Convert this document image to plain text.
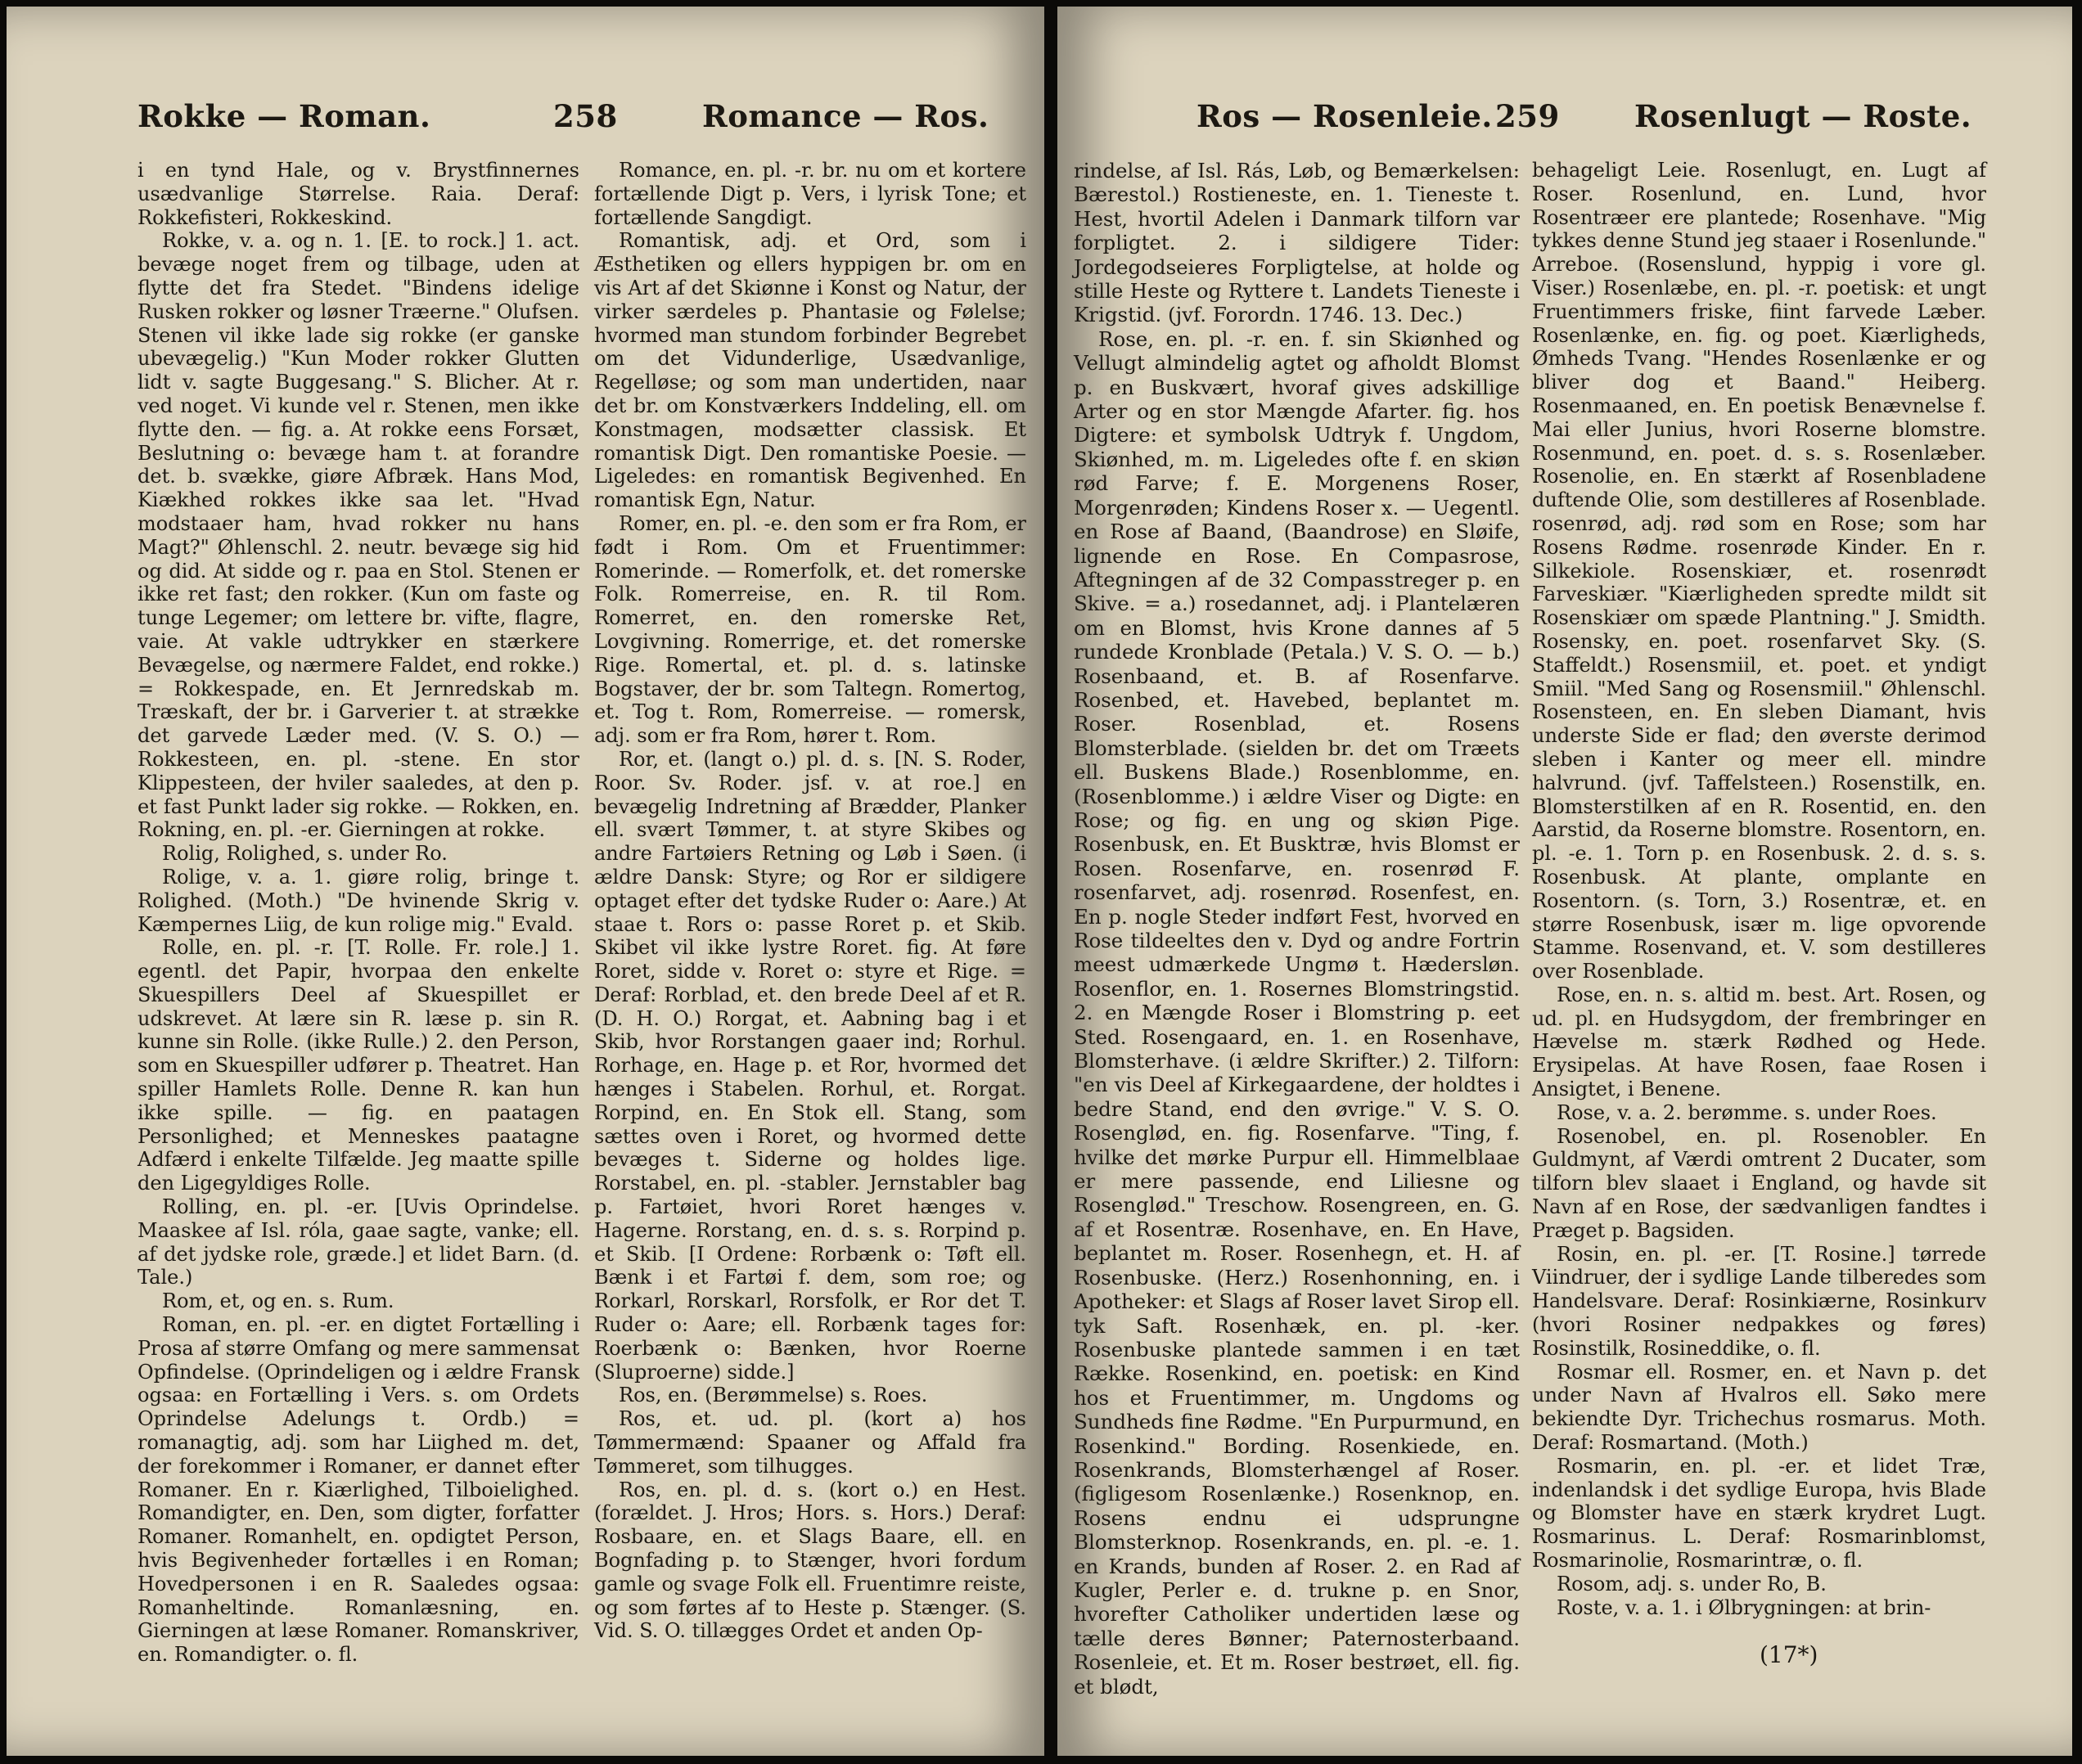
Rokke — Roman.	258	Romance — Ros.

i en tynd Hale, og v. Brystfinnernes usædvanlige Størrelse. Raia. Deraf: Rokkefisteri, Rokkeskind.

Rokke, v. a. og n. 1. [E. to rock.] 1. act. bevæge noget frem og tilbage, uden at flytte det fra Stedet. "Bindens idelige Rusken rokker og løsner Træerne." Olufsen. Stenen vil ikke lade sig rokke (er ganske ubevægelig.) "Kun Moder rokker Glutten lidt v. sagte Buggesang." S. Blicher. At r. ved noget. Vi kunde vel r. Stenen, men ikke flytte den. — fig. a. At rokke eens Forsæt, Beslutning o: bevæge ham t. at forandre det. b. svække, giøre Afbræk. Hans Mod, Kiækhed rokkes ikke saa let. "Hvad modstaaer ham, hvad rokker nu hans Magt?" Øhlenschl. 2. neutr. bevæge sig hid og did. At sidde og r. paa en Stol. Stenen er ikke ret fast; den rokker. (Kun om faste og tunge Legemer; om lettere br. vifte, flagre, vaie. At vakle udtrykker en stærkere Bevægelse, og nærmere Faldet, end rokke.) = Rokkespade, en. Et Jernredskab m. Træskaft, der br. i Garverier t. at strække det garvede Læder med. (V. S. O.) — Rokkesteen, en. pl. -stene. En stor Klippesteen, der hviler saaledes, at den p. et fast Punkt lader sig rokke. — Rokken, en. Rokning, en. pl. -er. Gierningen at rokke.

Rolig, Rolighed, s. under Ro.

Rolige, v. a. 1. giøre rolig, bringe t. Rolighed. (Moth.) "De hvinende Skrig v. Kæmpernes Liig, de kun rolige mig." Evald.

Rolle, en. pl. -r. [T. Rolle. Fr. role.] 1. egentl. det Papir, hvorpaa den enkelte Skuespillers Deel af Skuespillet er udskrevet. At lære sin R. læse p. sin R. kunne sin Rolle. (ikke Rulle.) 2. den Person, som en Skuespiller udfører p. Theatret. Han spiller Hamlets Rolle. Denne R. kan hun ikke spille. — fig. en paatagen Personlighed; et Menneskes paatagne Adfærd i enkelte Tilfælde. Jeg maatte spille den Ligegyldiges Rolle.

Rolling, en. pl. -er. [Uvis Oprindelse. Maaskee af Isl. róla, gaae sagte, vanke; ell. af det jydske role, græde.] et lidet Barn. (d. Tale.)

Rom, et, og en. s. Rum.

Roman, en. pl. -er. en digtet Fortælling i Prosa af større Omfang og mere sammensat Opfindelse. (Oprindeligen og i ældre Fransk ogsaa: en Fortælling i Vers. s. om Ordets Oprindelse Adelungs t. Ordb.) = romanagtig, adj. som har Liighed m. det, der forekommer i Romaner, er dannet efter Romaner. En r. Kiærlighed, Tilboielighed. Romandigter, en. Den, som digter, forfatter Romaner. Romanhelt, en. opdigtet Person, hvis Begivenheder fortælles i en Roman; Hovedpersonen i en R. Saaledes ogsaa: Romanheltinde. Romanlæsning, en. Gierningen at læse Romaner. Romanskriver, en. Romandigter. o. fl.

Romance, en. pl. -r. br. nu om et kortere fortællende Digt p. Vers, i lyrisk Tone; et fortællende Sangdigt.

Romantisk, adj. et Ord, som i Æsthetiken og ellers hyppigen br. om en vis Art af det Skiønne i Konst og Natur, der virker særdeles p. Phantasie og Følelse; hvormed man stundom forbinder Begrebet om det Vidunderlige, Usædvanlige, Regelløse; og som man undertiden, naar det br. om Konstværkers Inddeling, ell. om Konstmagen, modsætter classisk. Et romantisk Digt. Den romantiske Poesie. — Ligeledes: en romantisk Begivenhed. En romantisk Egn, Natur.

Romer, en. pl. -e. den som er fra Rom, er født i Rom. Om et Fruentimmer: Romerinde. — Romerfolk, et. det romerske Folk. Romerreise, en. R. til Rom. Romerret, en. den romerske Ret, Lovgivning. Romerrige, et. det romerske Rige. Romertal, et. pl. d. s. latinske Bogstaver, der br. som Taltegn. Romertog, et. Tog t. Rom, Romerreise. — romersk, adj. som er fra Rom, hører t. Rom.

Ror, et. (langt o.) pl. d. s. [N. S. Roder, Roor. Sv. Roder. jsf. v. at roe.] en bevægelig Indretning af Brædder, Planker ell. svært Tømmer, t. at styre Skibes og andre Fartøiers Retning og Løb i Søen. (i ældre Dansk: Styre; og Ror er sildigere optaget efter det tydske Ruder o: Aare.) At staae t. Rors o: passe Roret p. et Skib. Skibet vil ikke lystre Roret. fig. At føre Roret, sidde v. Roret o: styre et Rige. = Deraf: Rorblad, et. den brede Deel af et R. (D. H. O.) Rorgat, et. Aabning bag i et Skib, hvor Rorstangen gaaer ind; Rorhul. Rorhage, en. Hage p. et Ror, hvormed det hænges i Stabelen. Rorhul, et. Rorgat. Rorpind, en. En Stok ell. Stang, som sættes oven i Roret, og hvormed dette bevæges t. Siderne og holdes lige. Rorstabel, en. pl. -stabler. Jernstabler bag p. Fartøiet, hvori Roret hænges v. Hagerne. Rorstang, en. d. s. s. Rorpind p. et Skib. [I Ordene: Rorbænk o: Tøft ell. Bænk i et Fartøi f. dem, som roe; og Rorkarl, Rorskarl, Rorsfolk, er Ror det T. Ruder o: Aare; ell. Rorbænk tages for: Roerbænk o: Bænken, hvor Roerne (Sluproerne) sidde.]

Ros, en. (Berømmelse) s. Roes.

Ros, et. ud. pl. (kort a) hos Tømmermænd: Spaaner og Affald fra Tømmeret, som tilhugges.

Ros, en. pl. d. s. (kort o.) en Hest. (forældet. J. Hros; Hors. s. Hors.) Deraf: Rosbaare, en. et Slags Baare, ell. en Bognfading p. to Stænger, hvori fordum gamle og svage Folk ell. Fruentimre reiste, og som førtes af to Heste p. Stænger. (S. Vid. S. O. tillægges Ordet et anden Op-

Ros — Rosenleie. 259 Rosenlugt — Roste.

rindelse, af Isl. Rás, Løb, og Bemærkelsen: Bærestol.) Rostieneste, en. 1. Tieneste t. Hest, hvortil Adelen i Danmark tilforn var forpligtet. 2. i sildigere Tider: Jordegodseieres Forpligtelse, at holde og stille Heste og Ryttere t. Landets Tieneste i Krigstid. (jvf. Forordn. 1746. 13. Dec.)

Rose, en. pl. -r. en. f. sin Skiønhed og Vellugt almindelig agtet og afholdt Blomst p. en Buskvært, hvoraf gives adskillige Arter og en stor Mængde Afarter. fig. hos Digtere: et symbolsk Udtryk f. Ungdom, Skiønhed, m. m. Ligeledes ofte f. en skiøn rød Farve; f. E. Morgenens Roser, Morgenrøden; Kindens Roser x. — Uegentl. en Rose af Baand, (Baandrose) en Sløife, lignende en Rose. En Compasrose, Aftegningen af de 32 Compasstreger p. en Skive. = a.) rosedannet, adj. i Plantelæren om en Blomst, hvis Krone dannes af 5 rundede Kronblade (Petala.) V. S. O. — b.) Rosenbaand, et. B. af Rosenfarve. Rosenbed, et. Havebed, beplantet m. Roser. Rosenblad, et. Rosens Blomsterblade. (sielden br. det om Træets ell. Buskens Blade.) Rosenblomme, en. (Rosenblomme.) i ældre Viser og Digte: en Rose; og fig. en ung og skiøn Pige. Rosenbusk, en. Et Busktræ, hvis Blomst er Rosen. Rosenfarve, en. rosenrød F. rosenfarvet, adj. rosenrød. Rosenfest, en. En p. nogle Steder indført Fest, hvorved en Rose tildeeltes den v. Dyd og andre Fortrin meest udmærkede Ungmø t. Hædersløn. Rosenflor, en. 1. Rosernes Blomstringstid. 2. en Mængde Roser i Blomstring p. eet Sted. Rosengaard, en. 1. en Rosenhave, Blomsterhave. (i ældre Skrifter.) 2. Tilforn: "en vis Deel af Kirkegaardene, der holdtes i bedre Stand, end den øvrige." V. S. O. Rosenglød, en. fig. Rosenfarve. "Ting, f. hvilke det mørke Purpur ell. Himmelblaae er mere passende, end Liliesne og Rosenglød." Treschow. Rosengreen, en. G. af et Rosentræ. Rosenhave, en. En Have, beplantet m. Roser. Rosenhegn, et. H. af Rosenbuske. (Herz.) Rosenhonning, en. i Apotheker: et Slags af Roser lavet Sirop ell. tyk Saft. Rosenhæk, en. pl. -ker. Rosenbuske plantede sammen i en tæt Række. Rosenkind, en. poetisk: en Kind hos et Fruentimmer, m. Ungdoms og Sundheds fine Rødme. "En Purpurmund, en Rosenkind." Bording. Rosenkiede, en. Rosenkrands, Blomsterhængel af Roser. (figligesom Rosenlænke.) Rosenknop, en. Rosens endnu ei udsprungne Blomsterknop. Rosenkrands, en. pl. -e. 1. en Krands, bunden af Roser. 2. en Rad af Kugler, Perler e. d. trukne p. en Snor, hvorefter Catholiker undertiden læse og tælle deres Bønner; Paternosterbaand. Rosenleie, et. Et m. Roser bestrøet, ell. fig. et blødt,

behageligt Leie. Rosenlugt, en. Lugt af Roser. Rosenlund, en. Lund, hvor Rosentræer ere plantede; Rosenhave. "Mig tykkes denne Stund jeg staaer i Rosenlunde." Arreboe. (Rosenslund, hyppig i vore gl. Viser.) Rosenlæbe, en. pl. -r. poetisk: et ungt Fruentimmers friske, fiint farvede Læber. Rosenlænke, en. fig. og poet. Kiærligheds, Ømheds Tvang. "Hendes Rosenlænke er og bliver dog et Baand." Heiberg. Rosenmaaned, en. En poetisk Benævnelse f. Mai eller Junius, hvori Roserne blomstre. Rosenmund, en. poet. d. s. s. Rosenlæber. Rosenolie, en. En stærkt af Rosenbladene duftende Olie, som destilleres af Rosenblade. rosenrød, adj. rød som en Rose; som har Rosens Rødme. rosenrøde Kinder. En r. Silkekiole. Rosenskiær, et. rosenrødt Farveskiær. "Kiærligheden spredte mildt sit Rosenskiær om spæde Plantning." J. Smidth. Rosensky, en. poet. rosenfarvet Sky. (S. Staffeldt.) Rosensmiil, et. poet. et yndigt Smiil. "Med Sang og Rosensmiil." Øhlenschl. Rosensteen, en. En sleben Diamant, hvis underste Side er flad; den øverste derimod sleben i Kanter og meer ell. mindre halvrund. (jvf. Taffelsteen.) Rosenstilk, en. Blomsterstilken af en R. Rosentid, en. den Aarstid, da Roserne blomstre. Rosentorn, en. pl. -e. 1. Torn p. en Rosenbusk. 2. d. s. s. Rosenbusk. At plante, omplante en Rosentorn. (s. Torn, 3.) Rosentræ, et. en større Rosenbusk, især m. lige opvorende Stamme. Rosenvand, et. V. som destilleres over Rosenblade.

Rose, en. n. s. altid m. best. Art. Rosen, og ud. pl. en Hudsygdom, der frembringer en Hævelse m. stærk Rødhed og Hede. Erysipelas. At have Rosen, faae Rosen i Ansigtet, i Benene.

Rose, v. a. 2. berømme. s. under Roes.

Rosenobel, en. pl. Rosenobler. En Guldmynt, af Værdi omtrent 2 Ducater, som tilforn blev slaaet i England, og havde sit Navn af en Rose, der sædvanligen fandtes i Præget p. Bagsiden.

Rosin, en. pl. -er. [T. Rosine.] tørrede Viindruer, der i sydlige Lande tilberedes som Handelsvare. Deraf: Rosinkiærne, Rosinkurv (hvori Rosiner nedpakkes og føres) Rosinstilk, Rosineddike, o. fl.

Rosmar ell. Rosmer, en. et Navn p. det under Navn af Hvalros ell. Søko mere bekiendte Dyr. Trichechus rosmarus. Moth. Deraf: Rosmartand. (Moth.)

Rosmarin, en. pl. -er. et lidet Træ, indenlandsk i det sydlige Europa, hvis Blade og Blomster have en stærk krydret Lugt. Rosmarinus. L. Deraf: Rosmarinblomst, Rosmarinolie, Rosmarintræ, o. fl.

Rosom, adj. s. under Ro, B.

Roste, v. a. 1. i Ølbrygningen: at brin-

(17*)
